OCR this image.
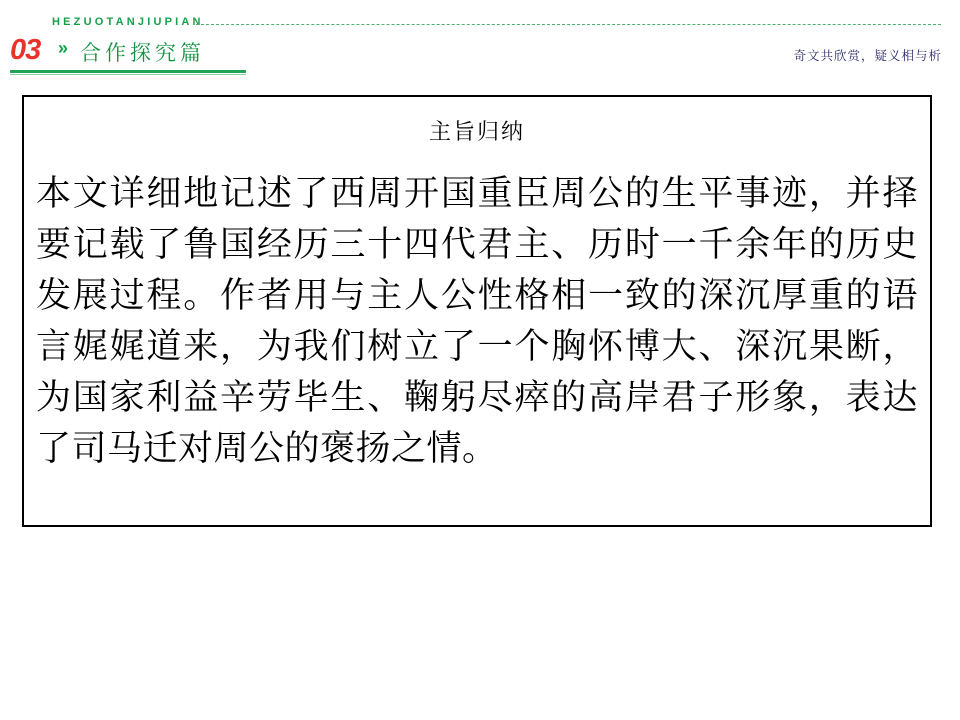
HEZUOTANJIUPIAN
03 » 合作探究篇	奇文共欣赏，疑义相与析
主旨归纳
本文详细地记述了西周开国重臣周公的生平事迹，并择要记载了鲁国经历三十四代君主、历时一千余年的历史发展过程。作者用与主人公性格相一致的深沉厚重的语言娓娓道来，为我们树立了一个胸怀博大、深沉果断，为国家利益辛劳毕生、鞠躬尽瘁的高岸君子形象，表达了司马迁对周公的褒扬之情。
